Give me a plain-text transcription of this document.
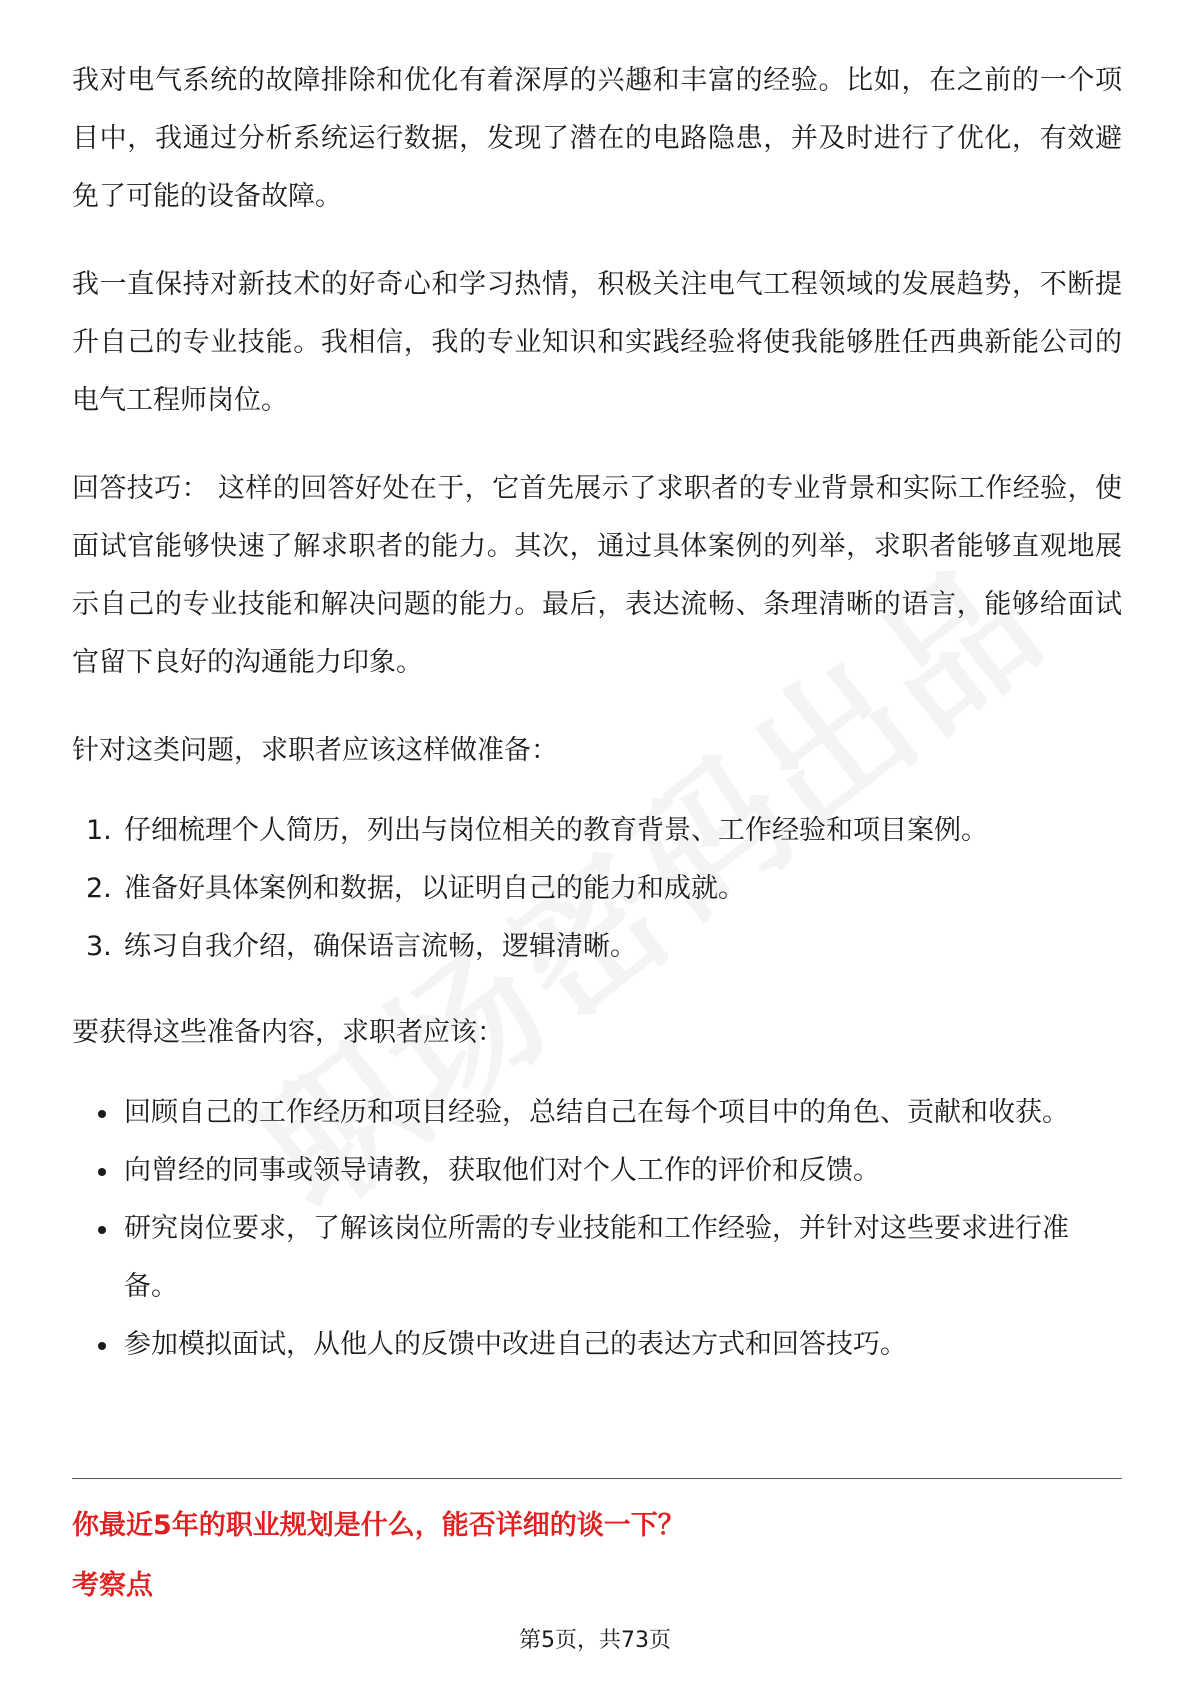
我对电气系统的故障排除和优化有着深厚的兴趣和丰富的经验。比如，在之前的一个项目中，我通过分析系统运行数据，发现了潜在的电路隐患，并及时进行了优化，有效避免了可能的设备故障。

我一直保持对新技术的好奇心和学习热情，积极关注电气工程领域的发展趋势，不断提升自己的专业技能。我相信，我的专业知识和实践经验将使我能够胜任西典新能公司的电气工程师岗位。

回答技巧： 这样的回答好处在于，它首先展示了求职者的专业背景和实际工作经验，使面试官能够快速了解求职者的能力。其次，通过具体案例的列举，求职者能够直观地展示自己的专业技能和解决问题的能力。最后，表达流畅、条理清晰的语言，能够给面试官留下良好的沟通能力印象。

针对这类问题，求职者应该这样做准备：

1. 仔细梳理个人简历，列出与岗位相关的教育背景、工作经验和项目案例。
2. 准备好具体案例和数据，以证明自己的能力和成就。
3. 练习自我介绍，确保语言流畅，逻辑清晰。

要获得这些准备内容，求职者应该：

回顾自己的工作经历和项目经验，总结自己在每个项目中的角色、贡献和收获。
向曾经的同事或领导请教，获取他们对个人工作的评价和反馈。
研究岗位要求，了解该岗位所需的专业技能和工作经验，并针对这些要求进行准备。
参加模拟面试，从他人的反馈中改进自己的表达方式和回答技巧。
你最近5年的职业规划是什么，能否详细的谈一下？
考察点
第5页，共73页
